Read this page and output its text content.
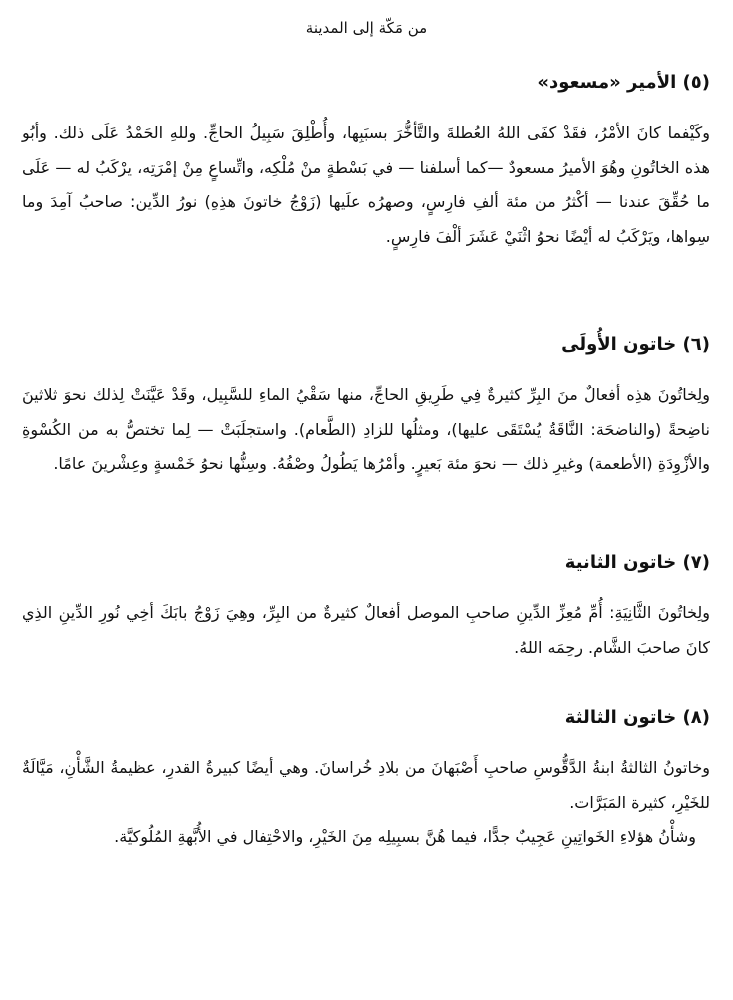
من مَكّة إلى المدينة
(٥) الأمير «مسعود»

وكَيْفما كانَ الأمْرُ، فقَدْ كفَى اللهُ العُطلةَ والتَّأخُّرَ بسبَبِها، وأُطْلِقَ سَبِيلُ الحاجِّ. وللهِ الحَمْدُ عَلَى ذلك. وأبُو هذه الخاتُونِ وهُوَ الأميرُ مسعودٌ —كما أسلفنا — في بَسْطةٍ منْ مُلْكِه، واتِّساعٍ مِنْ إمْرَتِه، يرْكَبُ له — عَلَى ما حُقِّقَ عندنا — أكْثرُ من مئة ألفِ فارِسٍ، وصهرُه علَيها (زَوْجُ خاتونَ هذِهِ) نورُ الدِّين: صاحبُ آمِدَ وما سِواها، ويَرْكَبُ له أيْضًا نحوُ اثْنَيْ عَشَرَ ألْفَ فارِسٍ.

(٦) خاتون الأُولَى

ولِخاتُونَ هذِه أفعالٌ منَ البِرِّ كثيرةٌ فِي طَرِيقِ الحاجِّ، منها سَقْيُ الماءِ للسَّبِيل، وقَدْ عَيَّنَتْ لِذلك نحوَ ثلاثينَ ناضِحةً (والناضحَة: النَّاقَةُ يُسْتَقَى عليها)، ومثلُها للزادِ (الطَّعام). واستجلَبَتْ — لِما تختصُّ به من الكُسْوةِ والأزْوِدَةِ (الأطعمة) وغيرِ ذلك — نحوَ مئة بَعيرٍ. وأمْرُها يَطُولُ وصْفُهُ. وسِنُّها نحوُ خَمْسةٍ وعِشْرينَ عامًا.

(٧) خاتون الثانية

ولِخاتُونَ الثَّانِيَةِ: أُمِّ مُعِزِّ الدِّينِ صاحبِ الموصل أفعالٌ كثيرةٌ من البِرِّ، وهِيَ زَوْجُ بابَكَ أخِي نُورِ الدِّينِ الذِي كانَ صاحبَ الشَّام. رحِمَه اللهُ.

(٨) خاتون الثالثة

وخاتونُ الثالثةُ ابنةُ الدَّقُّوسِ صاحبِ أَصْبَهانَ من بلادِ خُراسانَ. وهي أيضًا كبيرةُ القدرِ، عظيمةُ الشَّأْنِ، مَيَّالَةٌ للخَيْرِ، كثيرة المَبَرَّات.

وشأْنُ هؤلاءِ الخَواتِينِ عَجِيبٌ جدًّا، فيما هُنَّ بسبِيلِه مِنَ الخَيْرِ، والاحْتِفال في الأُبَّهةِ المُلُوكيَّة.
